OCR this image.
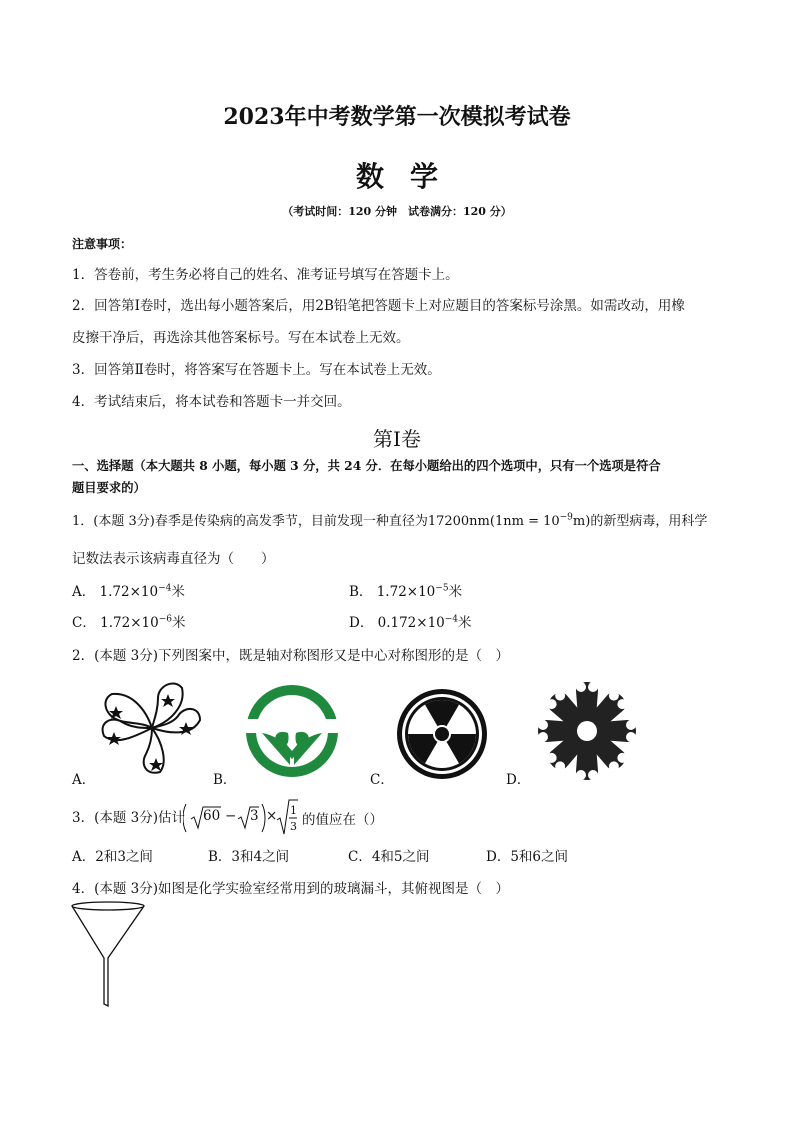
2023年中考数学第一次模拟考试卷
数学
（考试时间：120 分钟　试卷满分：120 分）
注意事项：
1．答卷前，考生务必将自己的姓名、准考证号填写在答题卡上。
2．回答第Ⅰ卷时，选出每小题答案后，用2B铅笔把答题卡上对应题目的答案标号涂黑。如需改动，用橡
皮擦干净后，再选涂其他答案标号。写在本试卷上无效。
3．回答第Ⅱ卷时，将答案写在答题卡上。写在本试卷上无效。
4．考试结束后，将本试卷和答题卡一并交回。
第Ⅰ卷
一、选择题（本大题共 8 小题，每小题 3 分，共 24 分．在每小题给出的四个选项中，只有一个选项是符合
题目要求的）
1．(本题 3分)春季是传染病的高发季节，目前发现一种直径为$17200nm(1nm = 10^{-9}m)$的新型病毒，用科学
记数法表示该病毒直径为（　　）
A． $1.72\times 10^{-4}$米	B． $1.72\times 10^{-5}$米
C． $1.72\times 10^{-6}$米	D． $0.172\times 10^{-4}$米
2．(本题 3分)下列图案中，既是轴对称图形又是中心对称图形的是（　）
A．	B．	C．	D．
3．(本题 3分)估计 60 − 3 × 1
3 的值应在（）
A．2和3之间	B．3和4之间	C．4和5之间	D．5和6之间
4．(本题 3分)如图是化学实验室经常用到的玻璃漏斗，其俯视图是（　）
